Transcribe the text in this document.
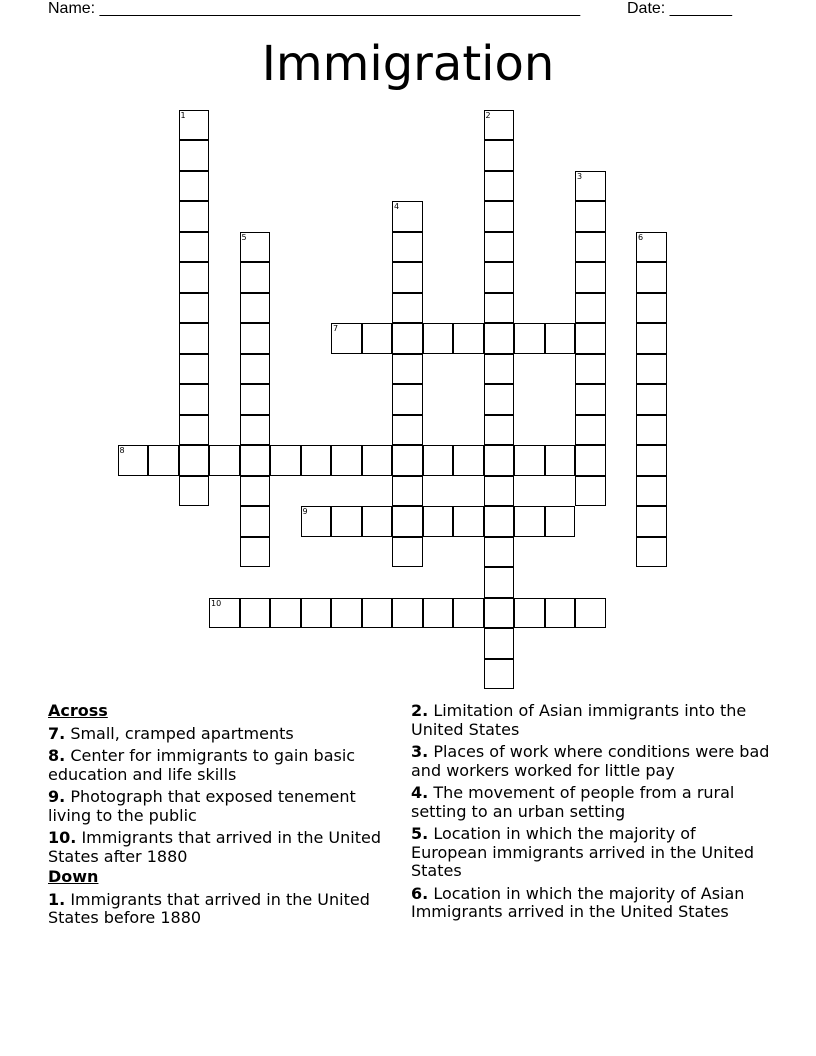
Name: ______________________________________________________	Date: _______
Immigration
1	2
3
4
5	6
7
8
9
10
Across
7. Small, cramped apartments
8. Center for immigrants to gain basic education and life skills
9. Photograph that exposed tenement living to the public
10. Immigrants that arrived in the United States after 1880
Down
1. Immigrants that arrived in the United States before 1880
2. Limitation of Asian immigrants into the United States
3. Places of work where conditions were bad and workers worked for little pay
4. The movement of people from a rural setting to an urban setting
5. Location in which the majority of European immigrants arrived in the United States
6. Location in which the majority of Asian Immigrants arrived in the United States
